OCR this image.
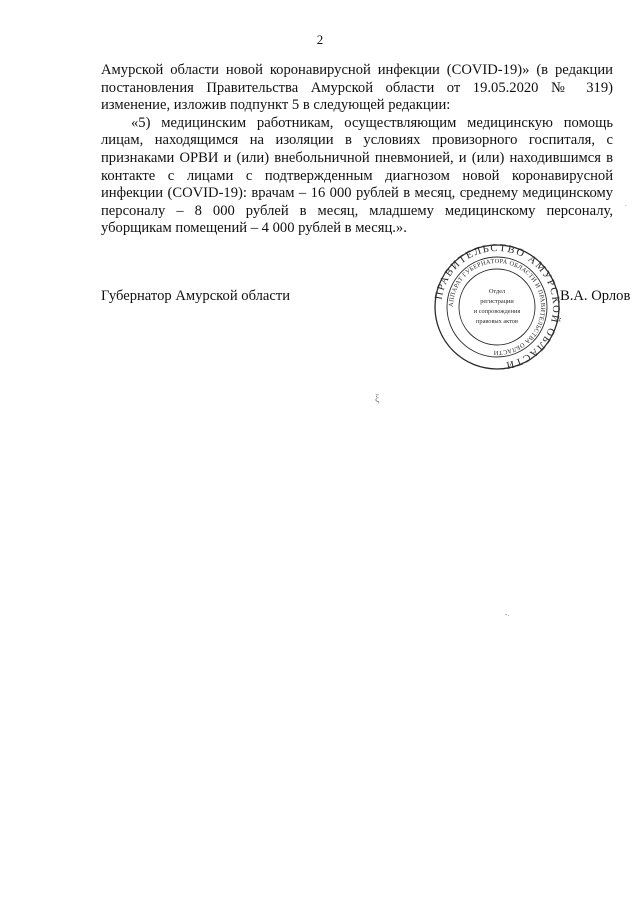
2

Амурской области новой коронавирусной инфекции (COVID-19)» (в редакции постановления Правительства Амурской области от 19.05.2020 № 319) изменение, изложив подпункт 5 в следующей редакции:

«5) медицинским работникам, осуществляющим медицинскую помощь лицам, находящимся на изоляции в условиях провизорного госпиталя, с признаками ОРВИ и (или) внебольничной пневмонией, и (или) находившимся в контакте с лицами с подтвержденным диагнозом новой коронавирусной инфекции (COVID-19): врачам – 16 000 рублей в месяц, среднему медицинскому персоналу – 8 000 рублей в месяц, младшему медицинскому персоналу, уборщикам помещений – 4 000 рублей в месяц.».

Губернатор Амурской области	ПРАВИТЕЛЬСТВО АМУРСКОЙ ОБЛАСТИ
АППАРАТ ГУБЕРНАТОРА ОБЛАСТИ И ПРАВИТЕЛЬСТВА ОБЛАСТИ
Отдел
регистрации
и сопровождения
правовых актов
В.А. Орлов
ξ
-.
.
